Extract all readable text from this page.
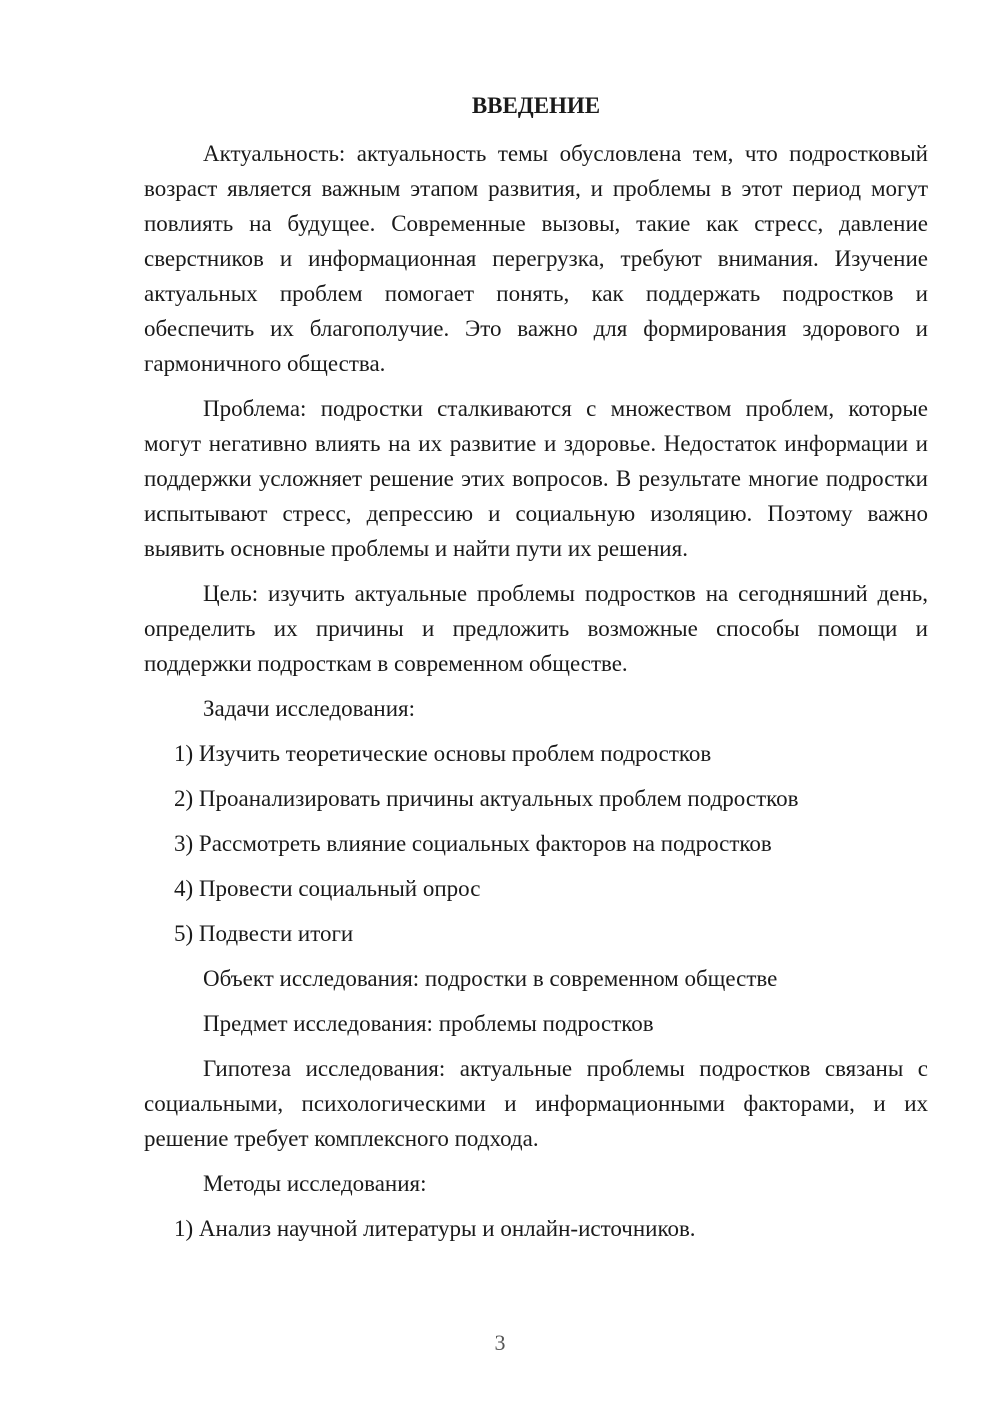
ВВЕДЕНИЕ

Актуальность: актуальность темы обусловлена тем, что подростковый возраст является важным этапом развития, и проблемы в этот период могут повлиять на будущее. Современные вызовы, такие как стресс, давление сверстников и информационная перегрузка, требуют внимания. Изучение актуальных проблем помогает понять, как поддержать подростков и обеспечить их благополучие. Это важно для формирования здорового и гармоничного общества.

Проблема: подростки сталкиваются с множеством проблем, которые могут негативно влиять на их развитие и здоровье. Недостаток информации и поддержки усложняет решение этих вопросов. В результате многие подростки испытывают стресс, депрессию и социальную изоляцию. Поэтому важно выявить основные проблемы и найти пути их решения.

Цель: изучить актуальные проблемы подростков на сегодняшний день, определить их причины и предложить возможные способы помощи и поддержки подросткам в современном обществе.

Задачи исследования:

1) Изучить теоретические основы проблем подростков
2) Проанализировать причины актуальных проблем подростков
3) Рассмотреть влияние социальных факторов на подростков
4) Провести социальный опрос
5) Подвести итоги

Объект исследования: подростки в современном обществе

Предмет исследования: проблемы подростков

Гипотеза исследования: актуальные проблемы подростков связаны с социальными, психологическими и информационными факторами, и их решение требует комплексного подхода.

Методы исследования:

1) Анализ научной литературы и онлайн-источников.
3
